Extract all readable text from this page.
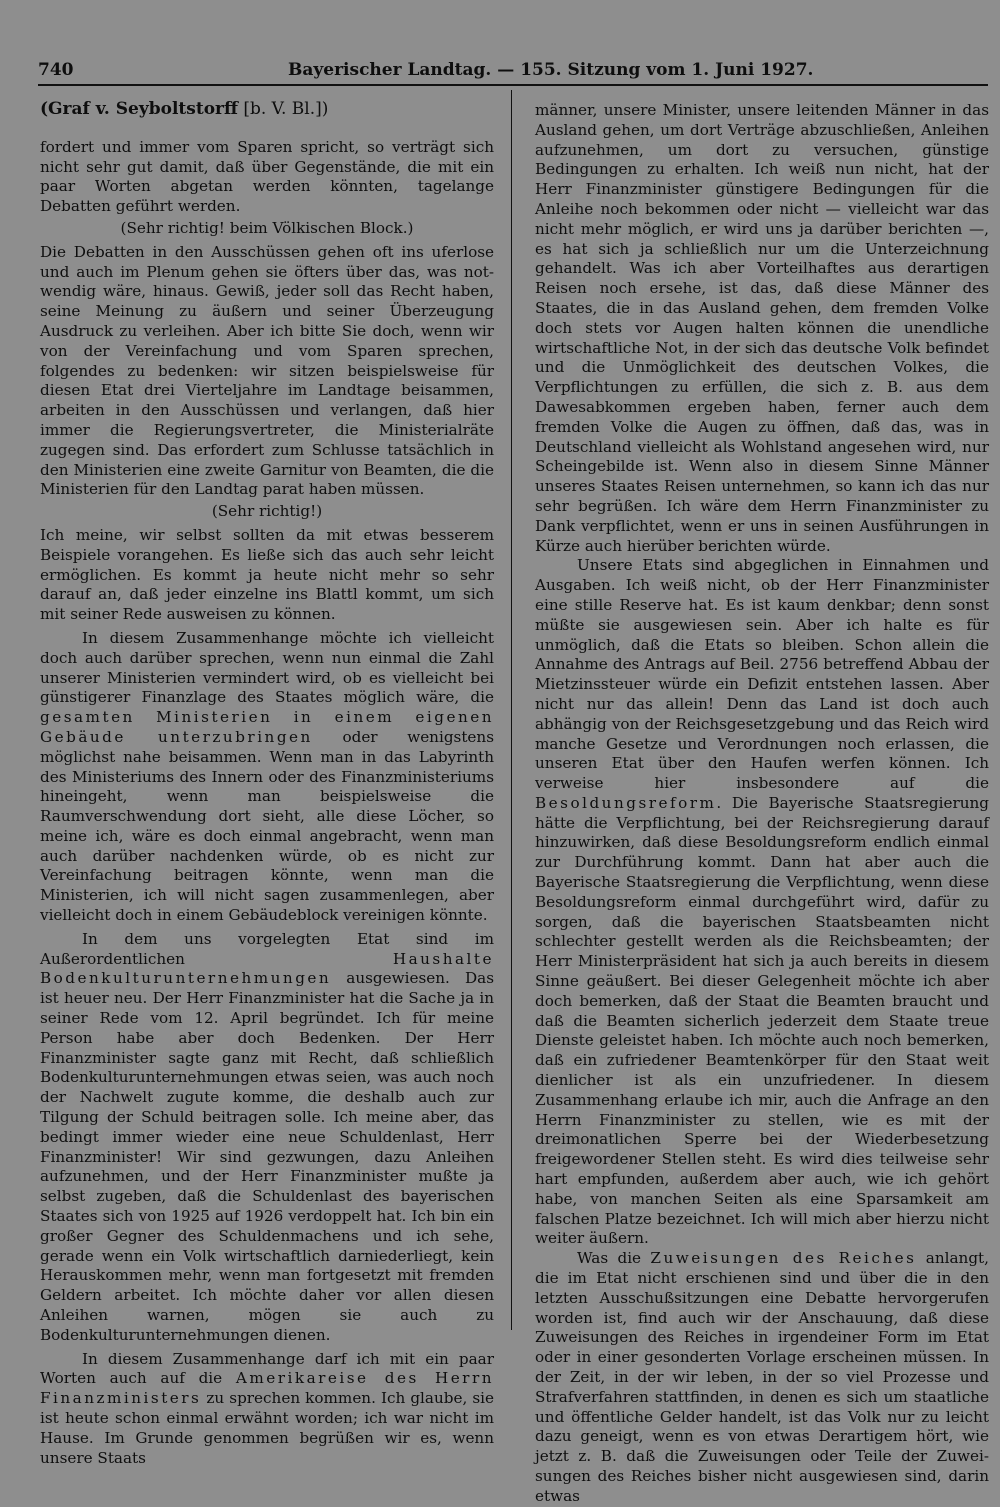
740	Bayerischer Landtag. — 155. Sitzung vom 1. Juni 1927.
(Graf v. Seyboltstorff [b. V. Bl.])

fordert und immer vom Sparen spricht, so verträgt sich nicht sehr gut damit, daß über Gegenstände, die mit ein paar Worten abgetan werden könnten, tagelange Debatten geführt werden.

(Sehr richtig! beim Völkischen Block.)

Die Debatten in den Ausschüssen gehen oft ins uferlose und auch im Plenum gehen sie öfters über das, was notwendig wäre, hinaus. Gewiß, jeder soll das Recht haben, seine Meinung zu äußern und seiner Überzeugung Ausdruck zu verleihen. Aber ich bitte Sie doch, wenn wir von der Vereinfachung und vom Sparen sprechen, folgendes zu bedenken: wir sitzen beispielsweise für diesen Etat drei Vierteljahre im Landtage beisammen, arbeiten in den Ausschüssen und verlangen, daß hier immer die Regierungsvertreter, die Ministerialräte zugegen sind. Das erfordert zum Schlusse tatsächlich in den Ministerien eine zweite Garnitur von Beamten, die die Ministerien für den Landtag parat haben müssen.

(Sehr richtig!)

Ich meine, wir selbst sollten da mit etwas besserem Beispiele vorangehen. Es ließe sich das auch sehr leicht ermöglichen. Es kommt ja heute nicht mehr so sehr darauf an, daß jeder einzelne ins Blattl kommt, um sich mit seiner Rede ausweisen zu können.

In diesem Zusammenhange möchte ich vielleicht doch auch darüber sprechen, wenn nun einmal die Zahl unserer Ministerien vermindert wird, ob es vielleicht bei günstigerer Finanzlage des Staates möglich wäre, die gesamten Ministerien in einem eigenen Gebäude unterzubringen oder wenigstens möglichst nahe beisammen. Wenn man in das Labyrinth des Ministeriums des Innern oder des Finanzministeriums hineingeht, wenn man beispielsweise die Raumverschwendung dort sieht, alle diese Löcher, so meine ich, wäre es doch einmal angebracht, wenn man auch darüber nachdenken würde, ob es nicht zur Vereinfachung beitragen könnte, wenn man die Ministerien, ich will nicht sagen zusammenlegen, aber vielleicht doch in einem Gebäudeblock vereinigen könnte.

In dem uns vorgelegten Etat sind im Außerordentlichen Haushalte Bodenkulturunternehmungen ausgewiesen. Das ist heuer neu. Der Herr Finanzminister hat die Sache ja in seiner Rede vom 12. April begründet. Ich für meine Person habe aber doch Bedenken. Der Herr Finanzminister sagte ganz mit Recht, daß schließlich Bodenkulturunternehmungen etwas seien, was auch noch der Nachwelt zugute komme, die deshalb auch zur Tilgung der Schuld beitragen solle. Ich meine aber, das bedingt immer wieder eine neue Schuldenlast, Herr Finanzminister! Wir sind gezwungen, dazu Anleihen aufzunehmen, und der Herr Finanzminister mußte ja selbst zugeben, daß die Schuldenlast des bayerischen Staates sich von 1925 auf 1926 verdoppelt hat. Ich bin ein großer Gegner des Schuldenmachens und ich sehe, gerade wenn ein Volk wirtschaftlich darniederliegt, kein Herauskommen mehr, wenn man fortgesetzt mit fremden Geldern arbeitet. Ich möchte daher vor allen diesen Anleihen warnen, mögen sie auch zu Bodenkulturunternehmungen dienen.

In diesem Zusammenhange darf ich mit ein paar Worten auch auf die Amerikareise des Herrn Finanzministers zu sprechen kommen. Ich glaube, sie ist heute schon einmal erwähnt worden; ich war nicht im Hause. Im Grunde genommen begrüßen wir es, wenn unsere Staats

männer, unsere Minister, unsere leitenden Männer in das Ausland gehen, um dort Verträge abzuschließen, Anleihen aufzunehmen, um dort zu versuchen, günstige Bedingungen zu erhalten. Ich weiß nun nicht, hat der Herr Finanzminister günstigere Bedingungen für die Anleihe noch bekommen oder nicht — vielleicht war das nicht mehr möglich, er wird uns ja darüber berichten —, es hat sich ja schließlich nur um die Unterzeichnung gehandelt. Was ich aber Vorteilhaftes aus derartigen Reisen noch ersehe, ist das, daß diese Männer des Staates, die in das Ausland gehen, dem fremden Volke doch stets vor Augen halten können die unendliche wirtschaftliche Not, in der sich das deutsche Volk befindet und die Unmöglichkeit des deutschen Volkes, die Verpflichtungen zu erfüllen, die sich z. B. aus dem Dawesabkommen ergeben haben, ferner auch dem fremden Volke die Augen zu öffnen, daß das, was in Deutschland vielleicht als Wohlstand angesehen wird, nur Scheingebilde ist. Wenn also in diesem Sinne Männer unseres Staates Reisen unternehmen, so kann ich das nur sehr begrüßen. Ich wäre dem Herrn Finanzminister zu Dank verpflichtet, wenn er uns in seinen Ausführungen in Kürze auch hierüber berichten würde.

Unsere Etats sind abgeglichen in Einnahmen und Ausgaben. Ich weiß nicht, ob der Herr Finanzminister eine stille Reserve hat. Es ist kaum denkbar; denn sonst müßte sie ausgewiesen sein. Aber ich halte es für unmöglich, daß die Etats so bleiben. Schon allein die Annahme des Antrags auf Beil. 2756 betreffend Abbau der Mietzinssteuer würde ein Defizit entstehen lassen. Aber nicht nur das allein! Denn das Land ist doch auch abhängig von der Reichsgesetzgebung und das Reich wird manche Gesetze und Verordnungen noch erlassen, die unseren Etat über den Haufen werfen können. Ich verweise hier insbesondere auf die Besoldungsreform. Die Bayerische Staatsregierung hätte die Verpflichtung, bei der Reichsregierung darauf hinzuwirken, daß diese Besoldungsreform endlich einmal zur Durchführung kommt. Dann hat aber auch die Bayerische Staatsregierung die Verpflichtung, wenn diese Besoldungsreform einmal durchgeführt wird, dafür zu sorgen, daß die bayerischen Staatsbeamten nicht schlechter gestellt werden als die Reichsbeamten; der Herr Ministerpräsident hat sich ja auch bereits in diesem Sinne geäußert. Bei dieser Gelegenheit möchte ich aber doch bemerken, daß der Staat die Beamten braucht und daß die Beamten sicherlich jederzeit dem Staate treue Dienste geleistet haben. Ich möchte auch noch bemerken, daß ein zufriedener Beamtenkörper für den Staat weit dienlicher ist als ein unzufriedener. In diesem Zusammenhang erlaube ich mir, auch die Anfrage an den Herrn Finanzminister zu stellen, wie es mit der dreimonatlichen Sperre bei der Wiederbesetzung freigewordener Stellen steht. Es wird dies teilweise sehr hart empfunden, außerdem aber auch, wie ich gehört habe, von manchen Seiten als eine Sparsamkeit am falschen Platze bezeichnet. Ich will mich aber hierzu nicht weiter äußern.

Was die Zuweisungen des Reiches anlangt, die im Etat nicht erschienen sind und über die in den letzten Ausschußsitzungen eine Debatte hervorgerufen worden ist, find auch wir der Anschauung, daß diese Zuweisungen des Reiches in irgendeiner Form im Etat oder in einer gesonderten Vorlage erscheinen müssen. In der Zeit, in der wir leben, in der so viel Prozesse und Strafverfahren stattfinden, in denen es sich um staatliche und öffentliche Gelder handelt, ist das Volk nur zu leicht dazu geneigt, wenn es von etwas Derartigem hört, wie jetzt z. B. daß die Zuweisungen oder Teile der Zuweisungen des Reiches bisher nicht ausgewiesen sind, darin etwas
